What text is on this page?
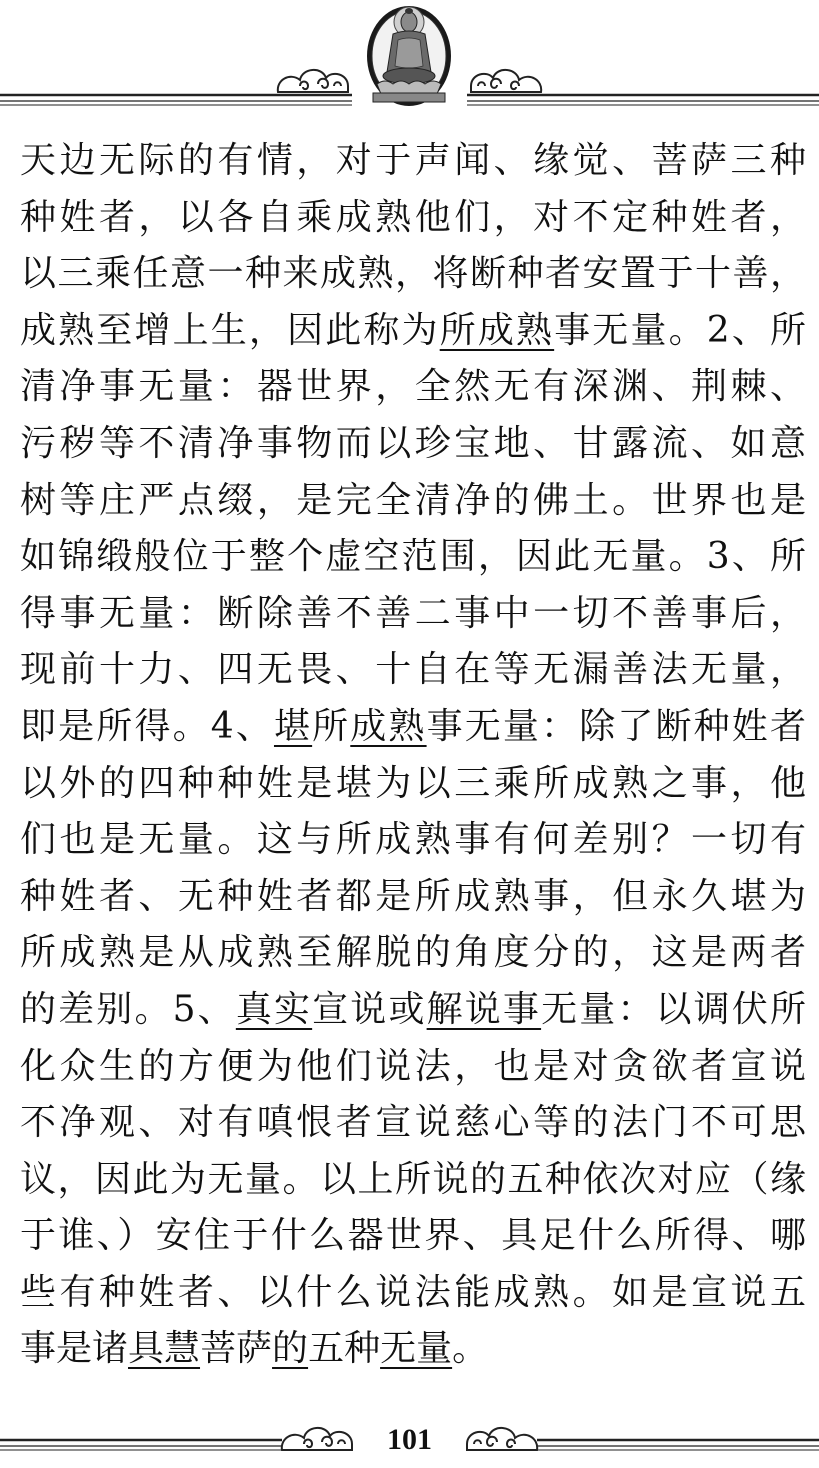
天边无际的有情，对于声闻、缘觉、菩萨三种
种姓者，以各自乘成熟他们，对不定种姓者，
以三乘任意一种来成熟，将断种者安置于十善，
成熟至增上生，因此称为所成熟事无量。2、所
清净事无量：器世界，全然无有深渊、荆棘、
污秽等不清净事物而以珍宝地、甘露流、如意
树等庄严点缀，是完全清净的佛土。世界也是
如锦缎般位于整个虚空范围，因此无量。3、所
得事无量：断除善不善二事中一切不善事后，
现前十力、四无畏、十自在等无漏善法无量，
即是所得。4、堪所成熟事无量：除了断种姓者
以外的四种种姓是堪为以三乘所成熟之事，他
们也是无量。这与所成熟事有何差别？一切有
种姓者、无种姓者都是所成熟事，但永久堪为
所成熟是从成熟至解脱的角度分的，这是两者
的差别。5、真实宣说或解说事无量：以调伏所
化众生的方便为他们说法，也是对贪欲者宣说
不净观、对有嗔恨者宣说慈心等的法门不可思
议，因此为无量。以上所说的五种依次对应（缘
于谁、）安住于什么器世界、具足什么所得、哪
些有种姓者、以什么说法能成熟。如是宣说五
事是诸具慧菩萨的五种无量。
101
